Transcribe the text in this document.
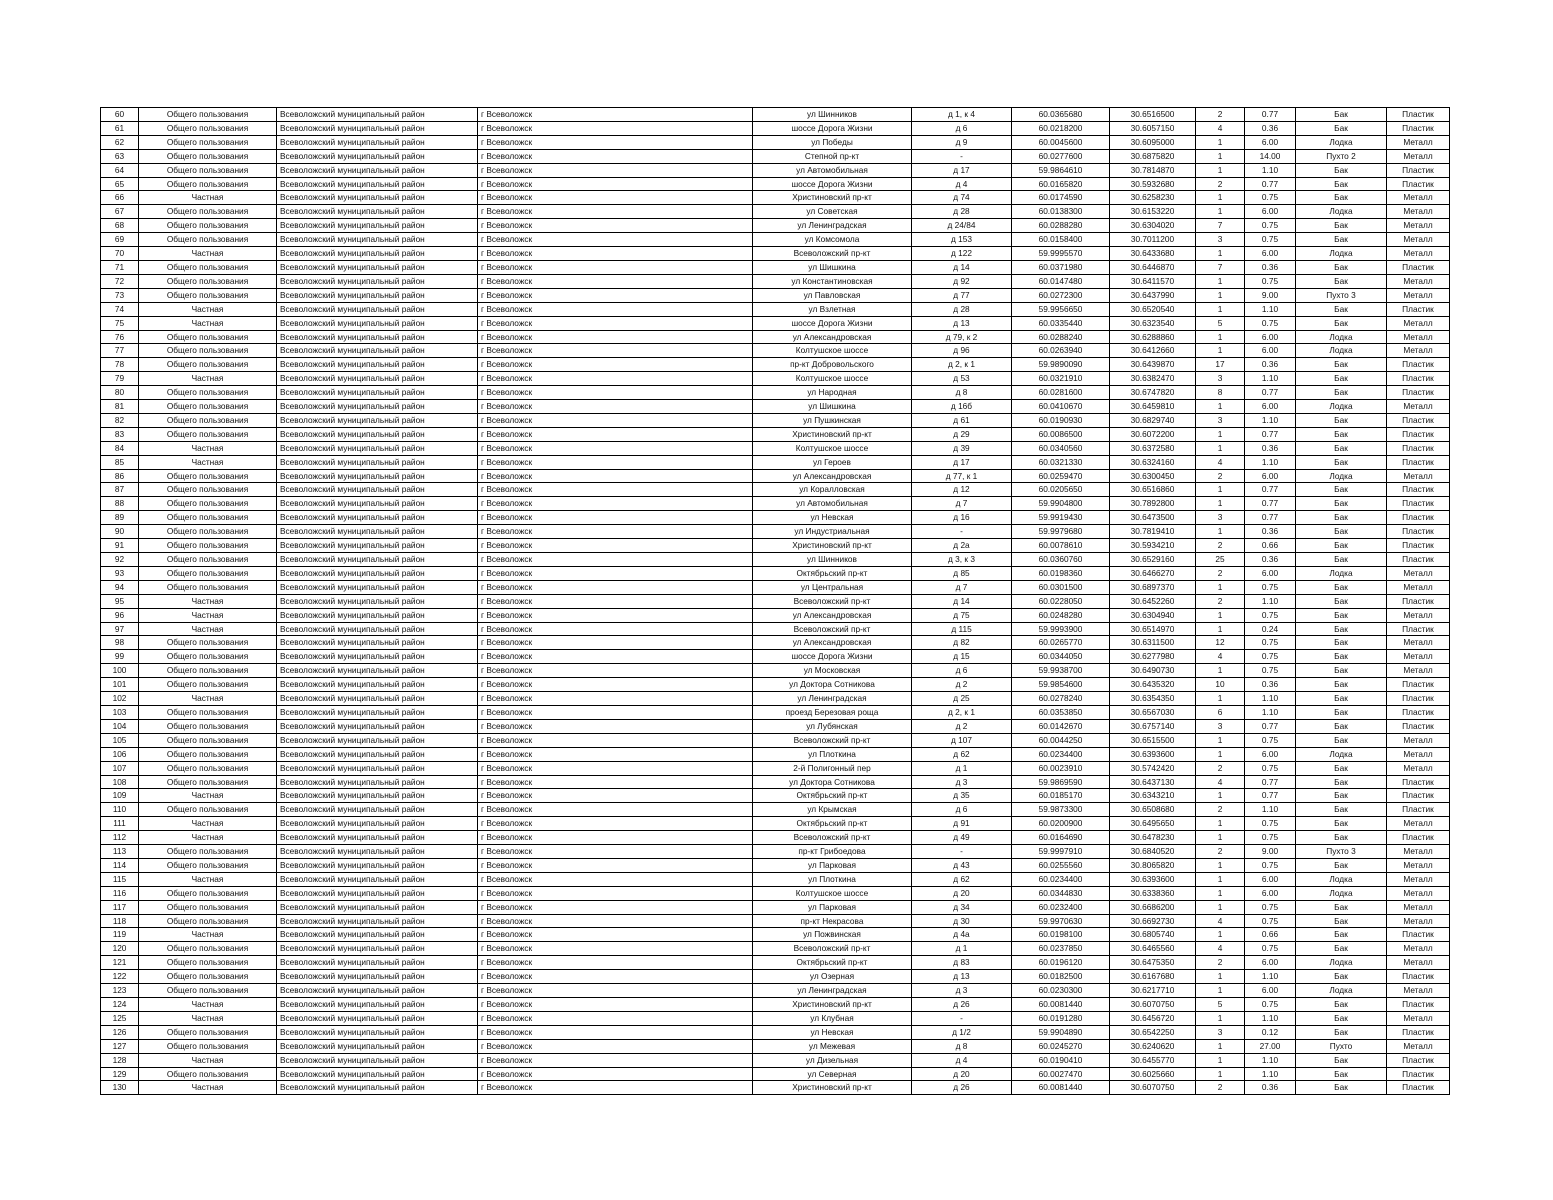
60	Общего пользования	Всеволожский муниципальный район	г Всеволожск	ул Шинников	д 1, к 4	60.0365680	30.6516500	2	0.77	Бак	Пластик
61	Общего пользования	Всеволожский муниципальный район	г Всеволожск	шоссе Дорога Жизни	д 6	60.0218200	30.6057150	4	0.36	Бак	Пластик
62	Общего пользования	Всеволожский муниципальный район	г Всеволожск	ул Победы	д 9	60.0045600	30.6095000	1	6.00	Лодка	Металл
63	Общего пользования	Всеволожский муниципальный район	г Всеволожск	Степной пр-кт	-	60.0277600	30.6875820	1	14.00	Пухто 2	Металл
64	Общего пользования	Всеволожский муниципальный район	г Всеволожск	ул Автомобильная	д 17	59.9864610	30.7814870	1	1.10	Бак	Пластик
65	Общего пользования	Всеволожский муниципальный район	г Всеволожск	шоссе Дорога Жизни	д 4	60.0165820	30.5932680	2	0.77	Бак	Пластик
66	Частная	Всеволожский муниципальный район	г Всеволожск	Христиновский пр-кт	д 74	60.0174590	30.6258230	1	0.75	Бак	Металл
67	Общего пользования	Всеволожский муниципальный район	г Всеволожск	ул Советская	д 28	60.0138300	30.6153220	1	6.00	Лодка	Металл
68	Общего пользования	Всеволожский муниципальный район	г Всеволожск	ул Ленинградская	д 24/84	60.0288280	30.6304020	7	0.75	Бак	Металл
69	Общего пользования	Всеволожский муниципальный район	г Всеволожск	ул Комсомола	д 153	60.0158400	30.7011200	3	0.75	Бак	Металл
70	Частная	Всеволожский муниципальный район	г Всеволожск	Всеволожский пр-кт	д 122	59.9995570	30.6433680	1	6.00	Лодка	Металл
71	Общего пользования	Всеволожский муниципальный район	г Всеволожск	ул Шишкина	д 14	60.0371980	30.6446870	7	0.36	Бак	Пластик
72	Общего пользования	Всеволожский муниципальный район	г Всеволожск	ул Константиновская	д 92	60.0147480	30.6411570	1	0.75	Бак	Металл
73	Общего пользования	Всеволожский муниципальный район	г Всеволожск	ул Павловская	д 77	60.0272300	30.6437990	1	9.00	Пухто 3	Металл
74	Частная	Всеволожский муниципальный район	г Всеволожск	ул Взлетная	д 28	59.9956650	30.6520540	1	1.10	Бак	Пластик
75	Частная	Всеволожский муниципальный район	г Всеволожск	шоссе Дорога Жизни	д 13	60.0335440	30.6323540	5	0.75	Бак	Металл
76	Общего пользования	Всеволожский муниципальный район	г Всеволожск	ул Александровская	д 79, к 2	60.0288240	30.6288860	1	6.00	Лодка	Металл
77	Общего пользования	Всеволожский муниципальный район	г Всеволожск	Колтушское шоссе	д 96	60.0263940	30.6412660	1	6.00	Лодка	Металл
78	Общего пользования	Всеволожский муниципальный район	г Всеволожск	пр-кт Добровольского	д 2, к 1	59.9890090	30.6439870	17	0.36	Бак	Пластик
79	Частная	Всеволожский муниципальный район	г Всеволожск	Колтушское шоссе	д 53	60.0321910	30.6382470	3	1.10	Бак	Пластик
80	Общего пользования	Всеволожский муниципальный район	г Всеволожск	ул Народная	д 8	60.0281600	30.6747820	8	0.77	Бак	Пластик
81	Общего пользования	Всеволожский муниципальный район	г Всеволожск	ул Шишкина	д 16б	60.0410670	30.6459810	1	6.00	Лодка	Металл
82	Общего пользования	Всеволожский муниципальный район	г Всеволожск	ул Пушкинская	д 61	60.0190930	30.6829740	3	1.10	Бак	Пластик
83	Общего пользования	Всеволожский муниципальный район	г Всеволожск	Христиновский пр-кт	д 29	60.0086500	30.6072200	1	0.77	Бак	Пластик
84	Частная	Всеволожский муниципальный район	г Всеволожск	Колтушское шоссе	д 39	60.0340560	30.6372580	1	0.36	Бак	Пластик
85	Частная	Всеволожский муниципальный район	г Всеволожск	ул Героев	д 17	60.0321330	30.6324160	4	1.10	Бак	Пластик
86	Общего пользования	Всеволожский муниципальный район	г Всеволожск	ул Александровская	д 77, к 1	60.0259470	30.6300450	2	6.00	Лодка	Металл
87	Общего пользования	Всеволожский муниципальный район	г Всеволожск	ул Коралловская	д 12	60.0205650	30.6516860	1	0.77	Бак	Пластик
88	Общего пользования	Всеволожский муниципальный район	г Всеволожск	ул Автомобильная	д 7	59.9904800	30.7892800	1	0.77	Бак	Пластик
89	Общего пользования	Всеволожский муниципальный район	г Всеволожск	ул Невская	д 16	59.9919430	30.6473500	3	0.77	Бак	Пластик
90	Общего пользования	Всеволожский муниципальный район	г Всеволожск	ул Индустриальная	-	59.9979680	30.7819410	1	0.36	Бак	Пластик
91	Общего пользования	Всеволожский муниципальный район	г Всеволожск	Христиновский пр-кт	д 2а	60.0078610	30.5934210	2	0.66	Бак	Пластик
92	Общего пользования	Всеволожский муниципальный район	г Всеволожск	ул Шинников	д 3, к 3	60.0360760	30.6529160	25	0.36	Бак	Пластик
93	Общего пользования	Всеволожский муниципальный район	г Всеволожск	Октябрьский пр-кт	д 85	60.0198360	30.6466270	2	6.00	Лодка	Металл
94	Общего пользования	Всеволожский муниципальный район	г Всеволожск	ул Центральная	д 7	60.0301500	30.6897370	1	0.75	Бак	Металл
95	Частная	Всеволожский муниципальный район	г Всеволожск	Всеволожский пр-кт	д 14	60.0228050	30.6452260	2	1.10	Бак	Пластик
96	Частная	Всеволожский муниципальный район	г Всеволожск	ул Александровская	д 75	60.0248280	30.6304940	1	0.75	Бак	Металл
97	Частная	Всеволожский муниципальный район	г Всеволожск	Всеволожский пр-кт	д 115	59.9993900	30.6514970	1	0.24	Бак	Пластик
98	Общего пользования	Всеволожский муниципальный район	г Всеволожск	ул Александровская	д 82	60.0265770	30.6311500	12	0.75	Бак	Металл
99	Общего пользования	Всеволожский муниципальный район	г Всеволожск	шоссе Дорога Жизни	д 15	60.0344050	30.6277980	4	0.75	Бак	Металл
100	Общего пользования	Всеволожский муниципальный район	г Всеволожск	ул Московская	д 6	59.9938700	30.6490730	1	0.75	Бак	Металл
101	Общего пользования	Всеволожский муниципальный район	г Всеволожск	ул Доктора Сотникова	д 2	59.9854600	30.6435320	10	0.36	Бак	Пластик
102	Частная	Всеволожский муниципальный район	г Всеволожск	ул Ленинградская	д 25	60.0278240	30.6354350	1	1.10	Бак	Пластик
103	Общего пользования	Всеволожский муниципальный район	г Всеволожск	проезд Березовая роща	д 2, к 1	60.0353850	30.6567030	6	1.10	Бак	Пластик
104	Общего пользования	Всеволожский муниципальный район	г Всеволожск	ул Лубянская	д 2	60.0142670	30.6757140	3	0.77	Бак	Пластик
105	Общего пользования	Всеволожский муниципальный район	г Всеволожск	Всеволожский пр-кт	д 107	60.0044250	30.6515500	1	0.75	Бак	Металл
106	Общего пользования	Всеволожский муниципальный район	г Всеволожск	ул Плоткина	д 62	60.0234400	30.6393600	1	6.00	Лодка	Металл
107	Общего пользования	Всеволожский муниципальный район	г Всеволожск	2-й Полигонный пер	д 1	60.0023910	30.5742420	2	0.75	Бак	Металл
108	Общего пользования	Всеволожский муниципальный район	г Всеволожск	ул Доктора Сотникова	д 3	59.9869590	30.6437130	4	0.77	Бак	Пластик
109	Частная	Всеволожский муниципальный район	г Всеволожск	Октябрьский пр-кт	д 35	60.0185170	30.6343210	1	0.77	Бак	Пластик
110	Общего пользования	Всеволожский муниципальный район	г Всеволожск	ул Крымская	д 6	59.9873300	30.6508680	2	1.10	Бак	Пластик
111	Частная	Всеволожский муниципальный район	г Всеволожск	Октябрьский пр-кт	д 91	60.0200900	30.6495650	1	0.75	Бак	Металл
112	Частная	Всеволожский муниципальный район	г Всеволожск	Всеволожский пр-кт	д 49	60.0164690	30.6478230	1	0.75	Бак	Пластик
113	Общего пользования	Всеволожский муниципальный район	г Всеволожск	пр-кт Грибоедова	-	59.9997910	30.6840520	2	9.00	Пухто 3	Металл
114	Общего пользования	Всеволожский муниципальный район	г Всеволожск	ул Парковая	д 43	60.0255560	30.8065820	1	0.75	Бак	Металл
115	Частная	Всеволожский муниципальный район	г Всеволожск	ул Плоткина	д 62	60.0234400	30.6393600	1	6.00	Лодка	Металл
116	Общего пользования	Всеволожский муниципальный район	г Всеволожск	Колтушское шоссе	д 20	60.0344830	30.6338360	1	6.00	Лодка	Металл
117	Общего пользования	Всеволожский муниципальный район	г Всеволожск	ул Парковая	д 34	60.0232400	30.6686200	1	0.75	Бак	Металл
118	Общего пользования	Всеволожский муниципальный район	г Всеволожск	пр-кт Некрасова	д 30	59.9970630	30.6692730	4	0.75	Бак	Металл
119	Частная	Всеволожский муниципальный район	г Всеволожск	ул Пожвинская	д 4а	60.0198100	30.6805740	1	0.66	Бак	Пластик
120	Общего пользования	Всеволожский муниципальный район	г Всеволожск	Всеволожский пр-кт	д 1	60.0237850	30.6465560	4	0.75	Бак	Металл
121	Общего пользования	Всеволожский муниципальный район	г Всеволожск	Октябрьский пр-кт	д 83	60.0196120	30.6475350	2	6.00	Лодка	Металл
122	Общего пользования	Всеволожский муниципальный район	г Всеволожск	ул Озерная	д 13	60.0182500	30.6167680	1	1.10	Бак	Пластик
123	Общего пользования	Всеволожский муниципальный район	г Всеволожск	ул Ленинградская	д 3	60.0230300	30.6217710	1	6.00	Лодка	Металл
124	Частная	Всеволожский муниципальный район	г Всеволожск	Христиновский пр-кт	д 26	60.0081440	30.6070750	5	0.75	Бак	Пластик
125	Частная	Всеволожский муниципальный район	г Всеволожск	ул Клубная	-	60.0191280	30.6456720	1	1.10	Бак	Металл
126	Общего пользования	Всеволожский муниципальный район	г Всеволожск	ул Невская	д 1/2	59.9904890	30.6542250	3	0.12	Бак	Пластик
127	Общего пользования	Всеволожский муниципальный район	г Всеволожск	ул Межевая	д 8	60.0245270	30.6240620	1	27.00	Пухто	Металл
128	Частная	Всеволожский муниципальный район	г Всеволожск	ул Дизельная	д 4	60.0190410	30.6455770	1	1.10	Бак	Пластик
129	Общего пользования	Всеволожский муниципальный район	г Всеволожск	ул Северная	д 20	60.0027470	30.6025660	1	1.10	Бак	Пластик
130	Частная	Всеволожский муниципальный район	г Всеволожск	Христиновский пр-кт	д 26	60.0081440	30.6070750	2	0.36	Бак	Пластик
